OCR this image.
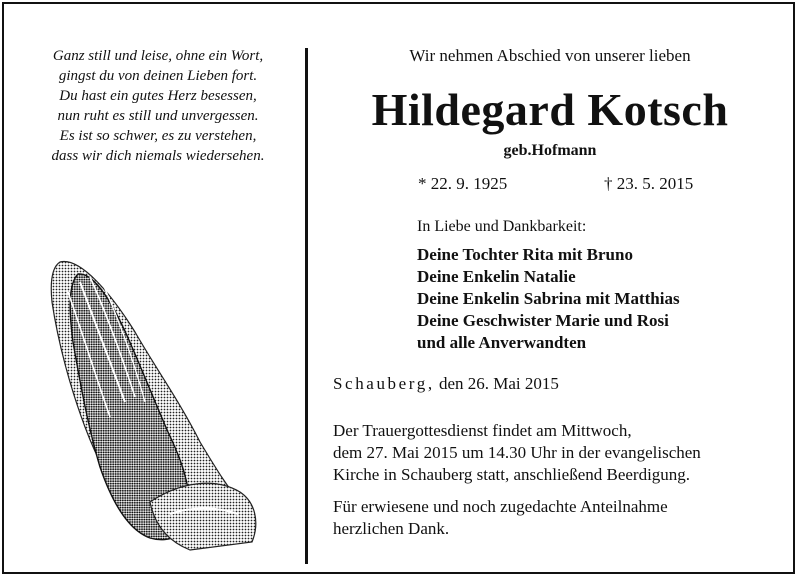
Ganz still und leise, ohne ein Wort,
gingst du von deinen Lieben fort.
Du hast ein gutes Herz besessen,
nun ruht es still und unvergessen.
Es ist so schwer, es zu verstehen,
dass wir dich niemals wiedersehen.
Wir nehmen Abschied von unserer lieben
Hildegard Kotsch
geb.Hofmann
* 22. 9. 1925	† 23. 5. 2015
In Liebe und Dankbarkeit:
Deine Tochter Rita mit Bruno
Deine Enkelin Natalie
Deine Enkelin Sabrina mit Matthias
Deine Geschwister Marie und Rosi
und alle Anverwandten
Schauberg, den 26. Mai 2015
Der Trauergottesdienst findet am Mittwoch,
dem 27. Mai 2015 um 14.30 Uhr in der evangelischen
Kirche in Schauberg statt, anschließend Beerdigung.
Für erwiesene und noch zugedachte Anteilnahme
herzlichen Dank.
